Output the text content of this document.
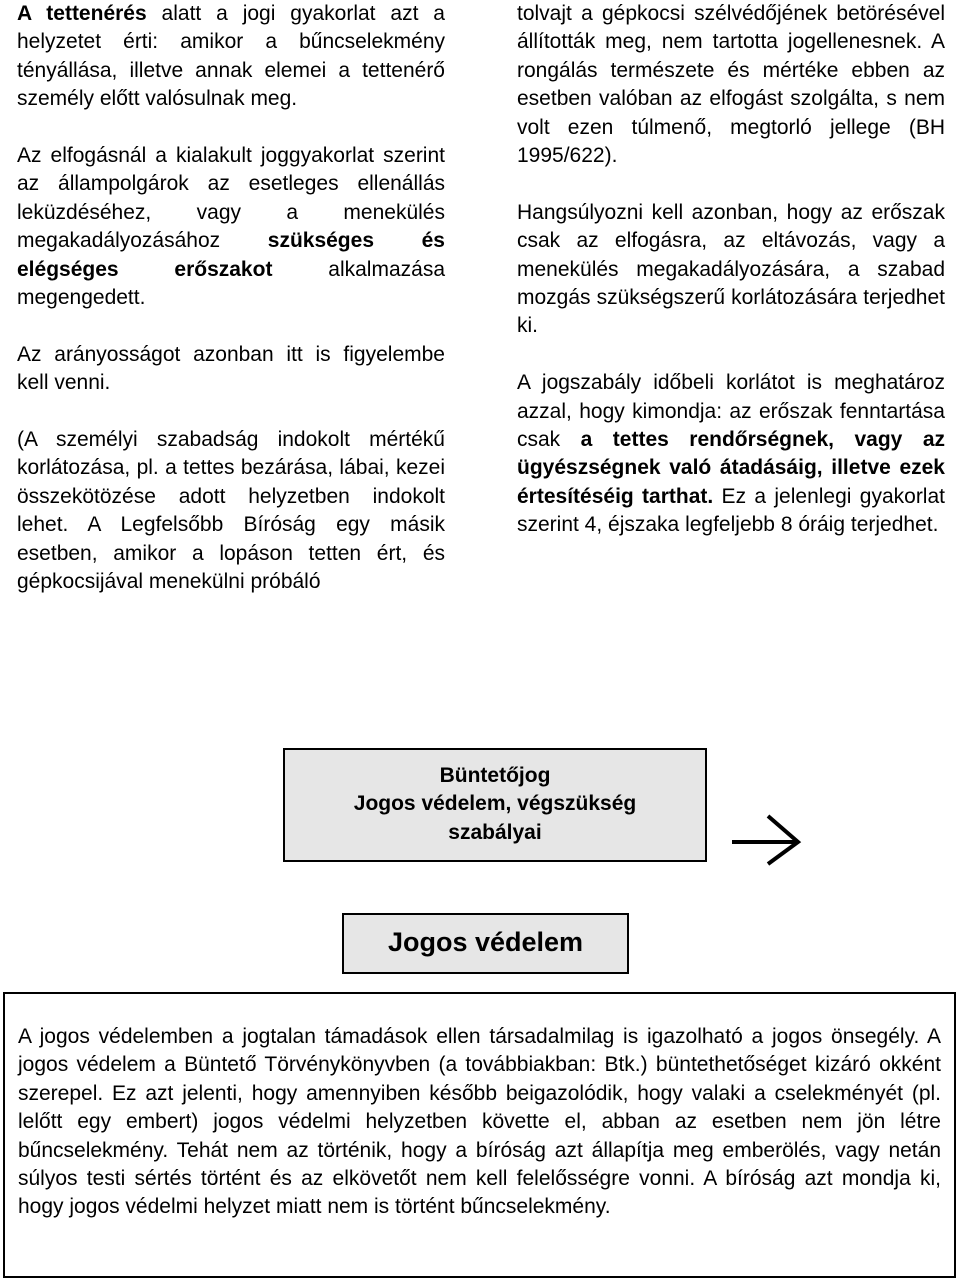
A tettenérés alatt a jogi gyakorlat azt a helyzetet érti: amikor a bűncselekmény tényállása, illetve annak elemei a tettenérő személy előtt valósulnak meg.

Az elfogásnál a kialakult joggyakorlat szerint az állampolgárok az esetleges ellenállás leküzdéséhez, vagy a menekülés megakadályozásához szükséges és elégséges erőszakot alkalmazása megengedett.

Az arányosságot azonban itt is figyelembe kell venni.

(A személyi szabadság indokolt mértékű korlátozása, pl. a tettes bezárása, lábai, kezei összekötözése adott helyzetben indokolt lehet. A Legfelsőbb Bíróság egy másik esetben, amikor a lopáson tetten ért, és gépkocsijával menekülni próbáló

tolvajt a gépkocsi szélvédőjének betörésével állították meg, nem tartotta jogellenesnek. A rongálás természete és mértéke ebben az esetben valóban az elfogást szolgálta, s nem volt ezen túlmenő, megtorló jellege (BH 1995/622).

Hangsúlyozni kell azonban, hogy az erőszak csak az elfogásra, az eltávozás, vagy a menekülés megakadályozására, a szabad mozgás szükségszerű korlátozására terjedhet ki.

A jogszabály időbeli korlátot is meghatároz azzal, hogy kimondja: az erőszak fenntartása csak a tettes rendőrségnek, vagy az ügyészségnek való átadásáig, illetve ezek értesítéséig tarthat. Ez a jelenlegi gyakorlat szerint 4, éjszaka legfeljebb 8 óráig terjedhet.

Büntetőjog
Jogos védelem, végszükség
szabályai
Jogos védelem

A jogos védelemben a jogtalan támadások ellen társadalmilag is igazolható a jogos önsegély. A jogos védelem a Büntető Törvénykönyvben (a továbbiakban: Btk.) büntethetőséget kizáró okként szerepel. Ez azt jelenti, hogy amennyiben később beigazolódik, hogy valaki a cselekményét (pl. lelőtt egy embert) jogos védelmi helyzetben követte el, abban az esetben nem jön létre bűncselekmény. Tehát nem az történik, hogy a bíróság azt állapítja meg emberölés, vagy netán súlyos testi sértés történt és az elkövetőt nem kell felelősségre vonni. A bíróság azt mondja ki, hogy jogos védelmi helyzet miatt nem is történt bűncselekmény.
